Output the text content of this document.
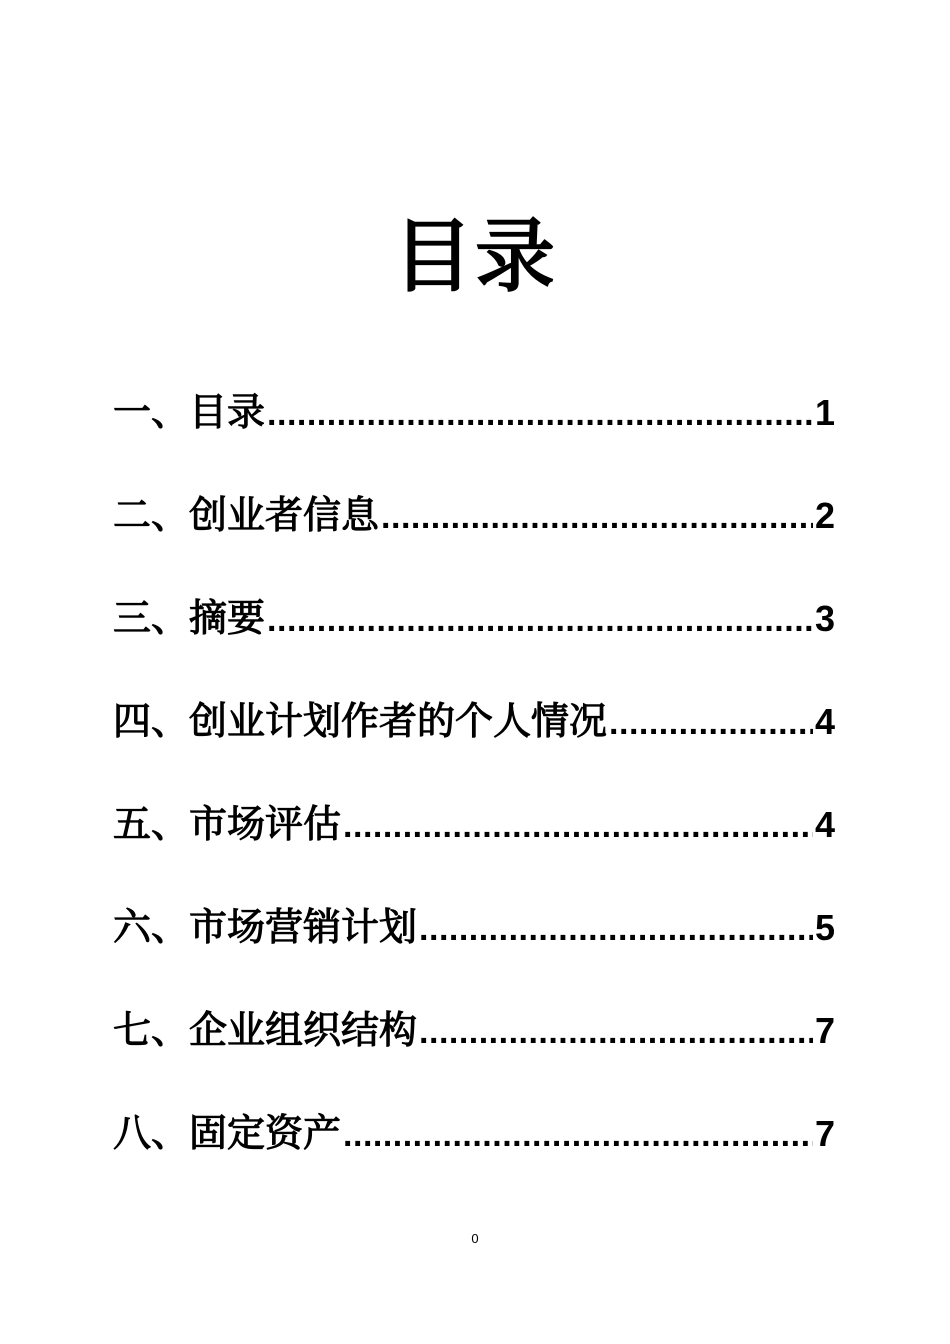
目录
一 、 目录 .....	1
二 、 创业者信息 .....	2
三 、 摘要 .....	3
四 、 创业计划作者的个人情况 .....	4
五 、 市场评估 .....	4
六 、 市场营销计划 .....	5
七 、 企业组织结构 .....	7
八 、 固定资产 .....	7
0
